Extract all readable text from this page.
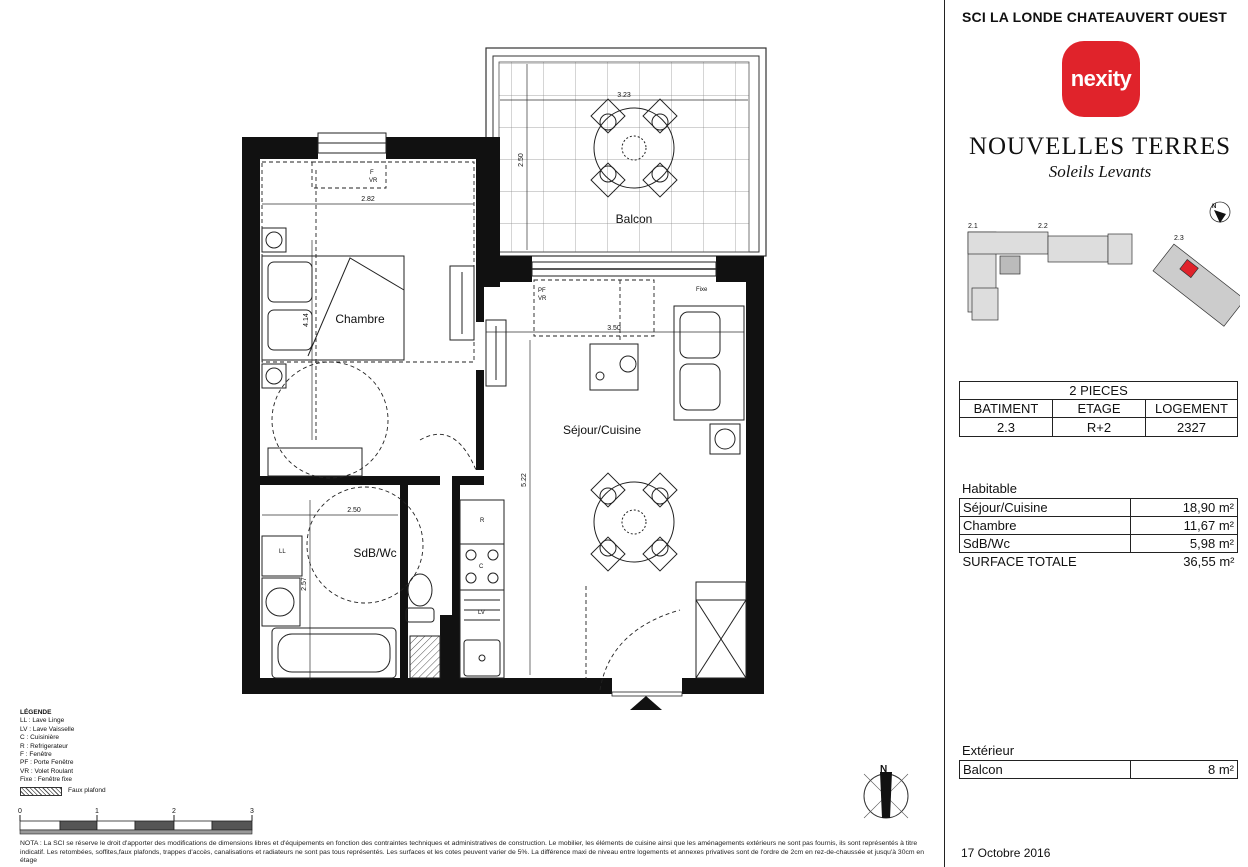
Balcon
Chambre
Séjour/Cuisine
SdB/Wc
3.23
2.50
2.82
4.14
3.50
5.22
2.50
2.57
LL
LV
R
C
VR
F
PF
VR
Fixe
0	1	2	3
N
LÉGENDE
LL : Lave Linge
LV : Lave Vaisselle
C : Cuisinière
R : Refrigerateur
F : Fenêtre
PF : Porte Fenêtre
VR : Volet Roulant
Fixe : Fenêtre fixe
Faux plafond
NOTA : La SCI se réserve le droit d'apporter des modifications de dimensions libres et d'équipements en fonction des contraintes techniques et administratives de construction. Le mobilier, les éléments de cuisine ainsi que les aménagements extérieurs ne sont pas fournis, ils sont représentés à titre indicatif. Les retombées, soffites,faux plafonds, trappes d'accès, canalisations et radiateurs ne sont pas tous représentés. Les surfaces et les cotes peuvent varier de 5%. La différence maxi de niveau entre logements et annexes privatives sont de l'ordre de 2cm en rez-de-chaussée et jusqu'à 30cm en étage
SCI LA LONDE CHATEAUVERT OUEST
nexity
NOUVELLES TERRES
Soleils Levants
2.1	2.2
2.3
N
2 PIECES		
BATIMENT	ETAGE	LOGEMENT
2.3	R+2	2327
Habitable
Séjour/Cuisine	18,90 m²
Chambre	11,67 m²
SdB/Wc	5,98 m²
SURFACE TOTALE	36,55 m²
Extérieur
Balcon	8 m²
17 Octobre 2016
